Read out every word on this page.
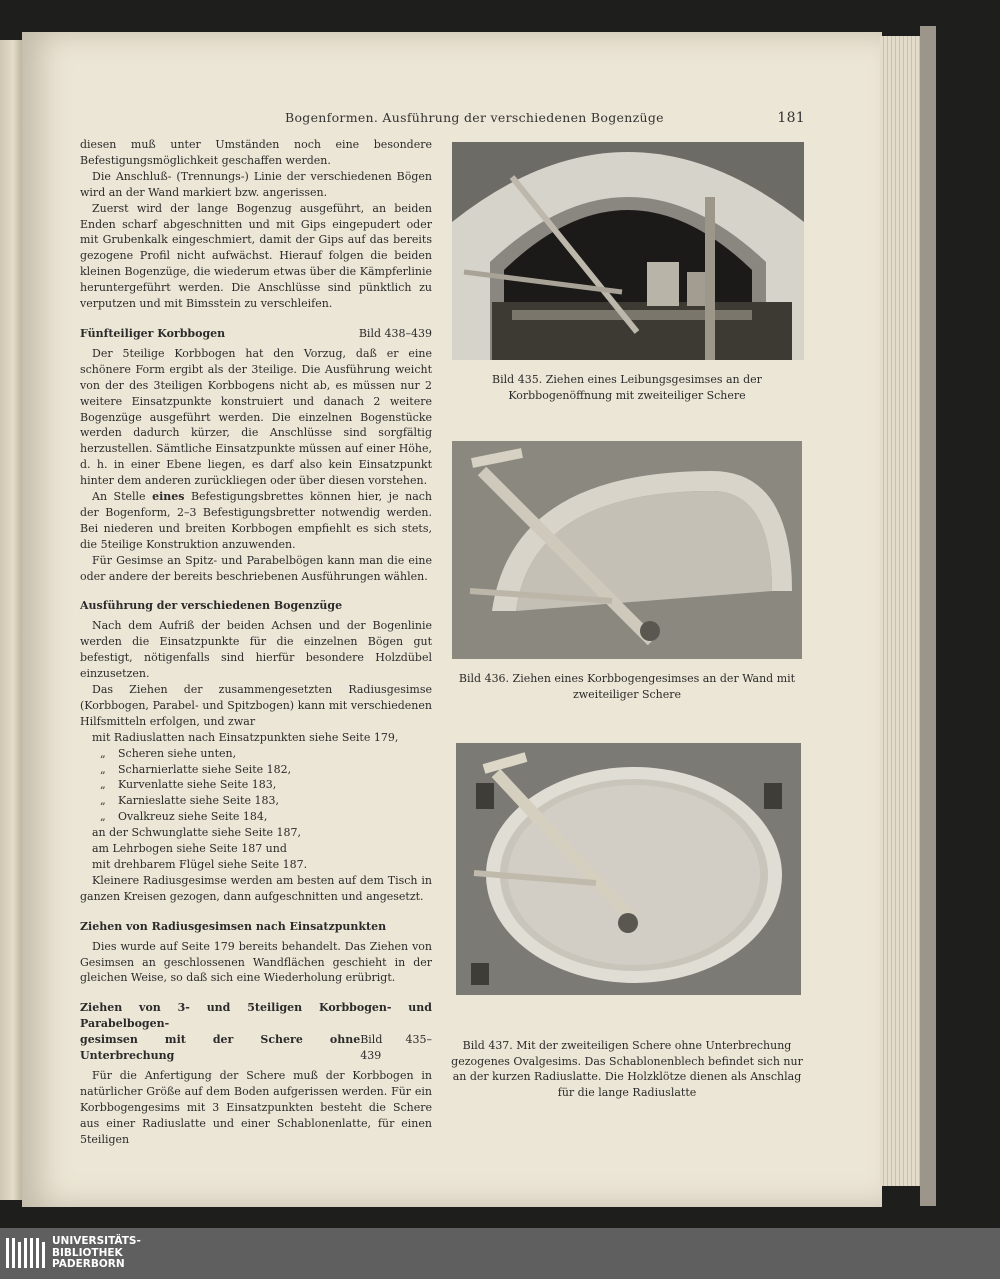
Bogenformen. Ausführung der verschiedenen Bogenzüge	181

diesen muß unter Umständen noch eine besondere Befestigungsmöglichkeit geschaffen werden.

Die Anschluß- (Trennungs-) Linie der verschiedenen Bögen wird an der Wand markiert bzw. angerissen.

Zuerst wird der lange Bogenzug ausgeführt, an beiden Enden scharf abgeschnitten und mit Gips eingepudert oder mit Grubenkalk eingeschmiert, damit der Gips auf das bereits gezogene Profil nicht aufwächst. Hierauf folgen die beiden kleinen Bogenzüge, die wiederum etwas über die Kämpferlinie heruntergeführt werden. Die Anschlüsse sind pünktlich zu verputzen und mit Bimsstein zu verschleifen.

Fünfteiliger Korbbogen	Bild 438–439

Der 5teilige Korbbogen hat den Vorzug, daß er eine schönere Form ergibt als der 3teilige. Die Ausführung weicht von der des 3teiligen Korbbogens nicht ab, es müssen nur 2 weitere Einsatzpunkte konstruiert und danach 2 weitere Bogenzüge ausgeführt werden. Die einzelnen Bogenstücke werden dadurch kürzer, die Anschlüsse sind sorgfältig herzustellen. Sämtliche Einsatzpunkte müssen auf einer Höhe, d. h. in einer Ebene liegen, es darf also kein Einsatzpunkt hinter dem anderen zurückliegen oder über diesen vorstehen.

An Stelle eines Befestigungsbrettes können hier, je nach der Bogenform, 2–3 Befestigungsbretter notwendig werden. Bei niederen und breiten Korbbogen empfiehlt es sich stets, die 5teilige Konstruktion anzuwenden.

Für Gesimse an Spitz- und Parabelbögen kann man die eine oder andere der bereits beschriebenen Ausführungen wählen.

Ausführung der verschiedenen Bogenzüge

Nach dem Aufriß der beiden Achsen und der Bogenlinie werden die Einsatzpunkte für die einzelnen Bögen gut befestigt, nötigenfalls sind hierfür besondere Holzdübel einzusetzen.

Das Ziehen der zusammengesetzten Radiusgesimse (Korbbogen, Parabel- und Spitzbogen) kann mit verschiedenen Hilfsmitteln erfolgen, und zwar

mit Radiuslatten nach Einsatzpunkten siehe Seite 179,
„ Scheren siehe unten,
„ Scharnierlatte siehe Seite 182,
„ Kurvenlatte siehe Seite 183,
„ Karnieslatte siehe Seite 183,
„ Ovalkreuz siehe Seite 184,
an der Schwunglatte siehe Seite 187,
am Lehrbogen siehe Seite 187 und
mit drehbarem Flügel siehe Seite 187.

Kleinere Radiusgesimse werden am besten auf dem Tisch in ganzen Kreisen gezogen, dann aufgeschnitten und angesetzt.

Ziehen von Radiusgesimsen nach Einsatzpunkten

Dies wurde auf Seite 179 bereits behandelt. Das Ziehen von Gesimsen an geschlossenen Wandflächen geschieht in der gleichen Weise, so daß sich eine Wiederholung erübrigt.

Ziehen von 3- und 5teiligen Korbbogen- und Parabelbogen-
gesimsen mit der Schere ohne Unterbrechung
Bild 435–439

Für die Anfertigung der Schere muß der Korbbogen in natürlicher Größe auf dem Boden aufgerissen werden. Für ein Korbbogengesims mit 3 Einsatzpunkten besteht die Schere aus einer Radiuslatte und einer Schablonenlatte, für einen 5teiligen

Bild 435. Ziehen eines Leibungsgesimses an der Korbbogenöffnung mit zweiteiliger Schere
Bild 436. Ziehen eines Korbbogengesimses an der Wand mit zweiteiliger Schere
Bild 437. Mit der zweiteiligen Schere ohne Unterbrechung gezogenes Ovalgesims. Das Schablonenblech befindet sich nur an der kurzen Radiuslatte. Die Holzklötze dienen als Anschlag für die lange Radiuslatte
UNIVERSITÄTS-
BIBLIOTHEK
PADERBORN
